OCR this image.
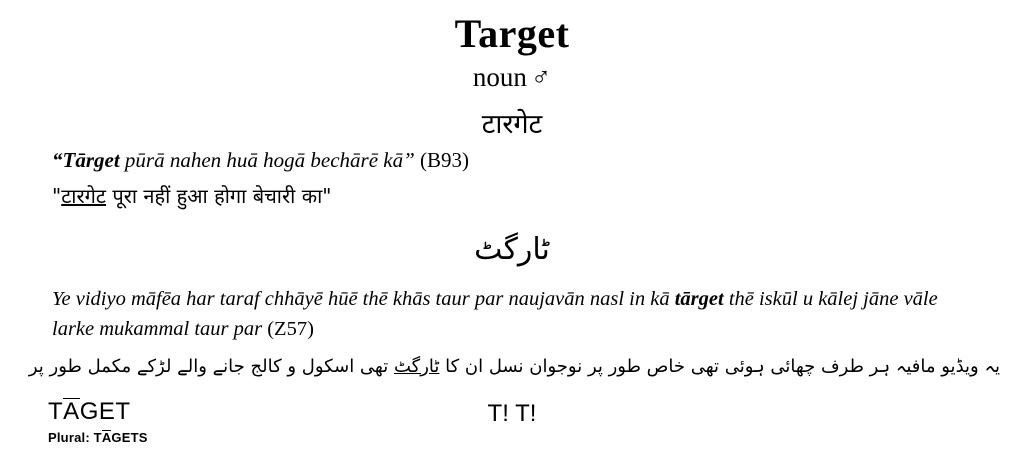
Target
noun ♂
टारगेट
“Tārget pūrā nahen huā hogā bechārē kā” (B93)
"टारगेट पूरा नहीं हुआ होगा बेचारी का"
ٹارگٹ
Ye vidiyo māfēa har taraf chhāyē hūē thē khās taur par naujavān nasl in kā tārget thē iskūl u kālej jāne vāle larke mukammal taur par (Z57)
یہ ویڈیو مافیہ ہر طرف چھائی ہوئی تھی خاص طور پر نوجوان نسل ان کا ٹارگٹ تھی اسکول و کالج جانے والے لڑکے مکمل طور پر
TAGET
Plural: TAGETS
T! T!
